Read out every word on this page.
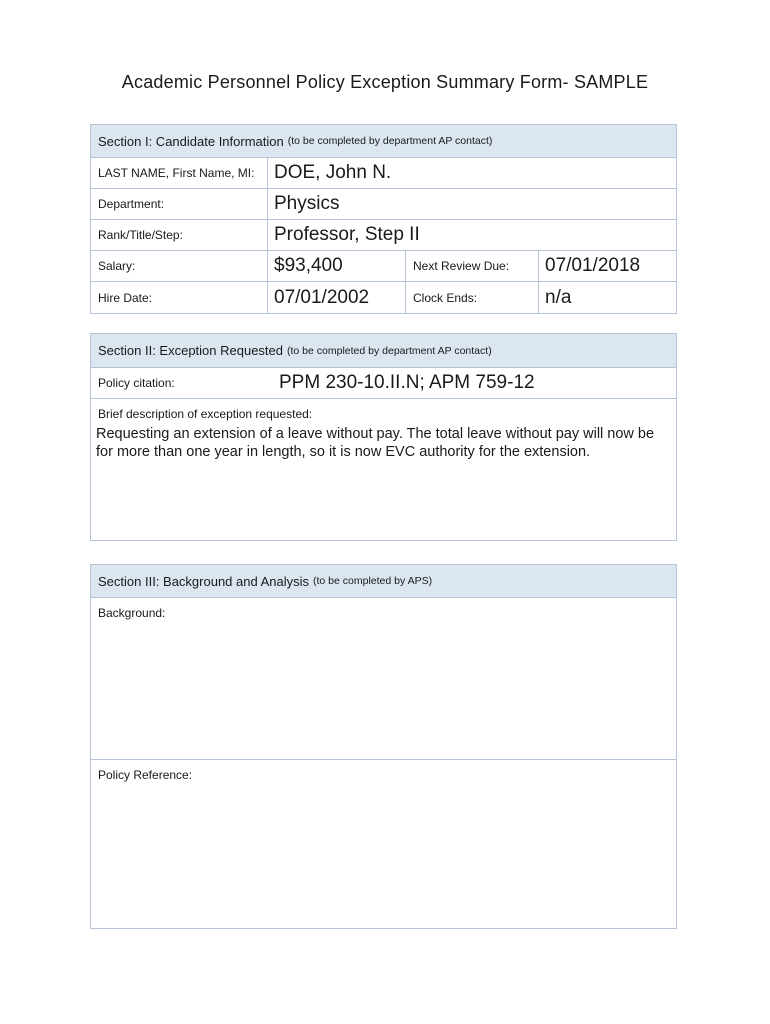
Academic Personnel Policy Exception Summary Form- SAMPLE
Section I: Candidate Information (to be completed by department AP contact)
LAST NAME, First Name, MI:	DOE, John N.
Department:	Physics
Rank/Title/Step:	Professor, Step II
Salary:	$93,400	Next Review Due:	07/01/2018
Hire Date:	07/01/2002	Clock Ends:	n/a
Section II: Exception Requested (to be completed by department AP contact)
Policy citation:	PPM 230-10.II.N; APM 759-12
Brief description of exception requested:
Requesting an extension of a leave without pay. The total leave without pay will now be for more than one year in length, so it is now EVC authority for the extension.
Section III: Background and Analysis (to be completed by APS)
Background:
Policy Reference:
